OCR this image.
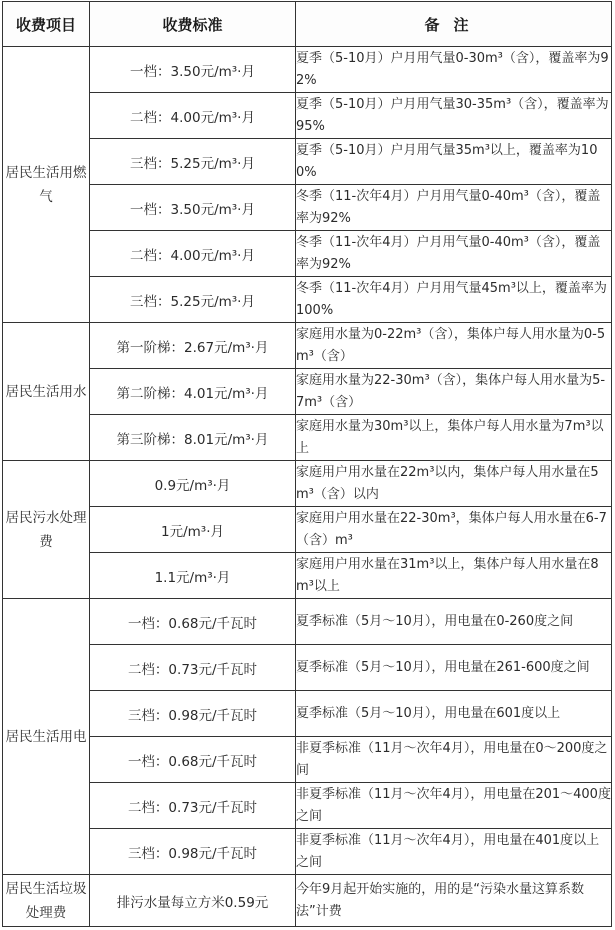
收费项目	收费标准	备注
居民生活用燃气	一档：3.50元/m³·月	夏季（5-10月）户月用气量0-30m³（含），覆盖率为92%
	二档：4.00元/m³·月	夏季（5-10月）户月用气量30-35m³（含），覆盖率为95%
	三档：5.25元/m³·月	夏季（5-10月）户月用气量35m³以上，覆盖率为100%
	一档：3.50元/m³·月	冬季（11-次年4月）户月用气量0-40m³（含），覆盖率为92%
	二档：4.00元/m³·月	冬季（11-次年4月）户月用气量0-40m³（含），覆盖率为92%
	三档：5.25元/m³·月	冬季（11-次年4月）户月用气量45m³以上，覆盖率为100%
居民生活用水	第一阶梯：2.67元/m³·月	家庭用水量为0-22m³（含），集体户每人用水量为0-5m³（含）
	第二阶梯：4.01元/m³·月	家庭用水量为22-30m³（含），集体户每人用水量为5-7m³（含）
	第三阶梯：8.01元/m³·月	家庭用水量为30m³以上，集体户每人用水量为7m³以上
居民污水处理费	0.9元/m³·月	家庭用户用水量在22m³以内，集体户每人用水量在5m³（含）以内
	1元/m³·月	家庭用户用水量在22-30m³，集体户每人用水量在6-7（含）m³
	1.1元/m³·月	家庭用户用水量在31m³以上，集体户每人用水量在8m³以上
居民生活用电	一档：0.68元/千瓦时	夏季标准（5月～10月），用电量在0-260度之间
	二档：0.73元/千瓦时	夏季标准（5月～10月），用电量在261-600度之间
	三档：0.98元/千瓦时	夏季标准（5月～10月），用电量在601度以上
	一档：0.68元/千瓦时	非夏季标准（11月～次年4月），用电量在0～200度之间
	二档：0.73元/千瓦时	非夏季标准（11月～次年4月），用电量在201～400度之间
	三档：0.98元/千瓦时	非夏季标准（11月～次年4月），用电量在401度以上之间
居民生活垃圾处理费	排污水量每立方米0.59元	今年9月起开始实施的，用的是“污染水量这算系数法”计费
